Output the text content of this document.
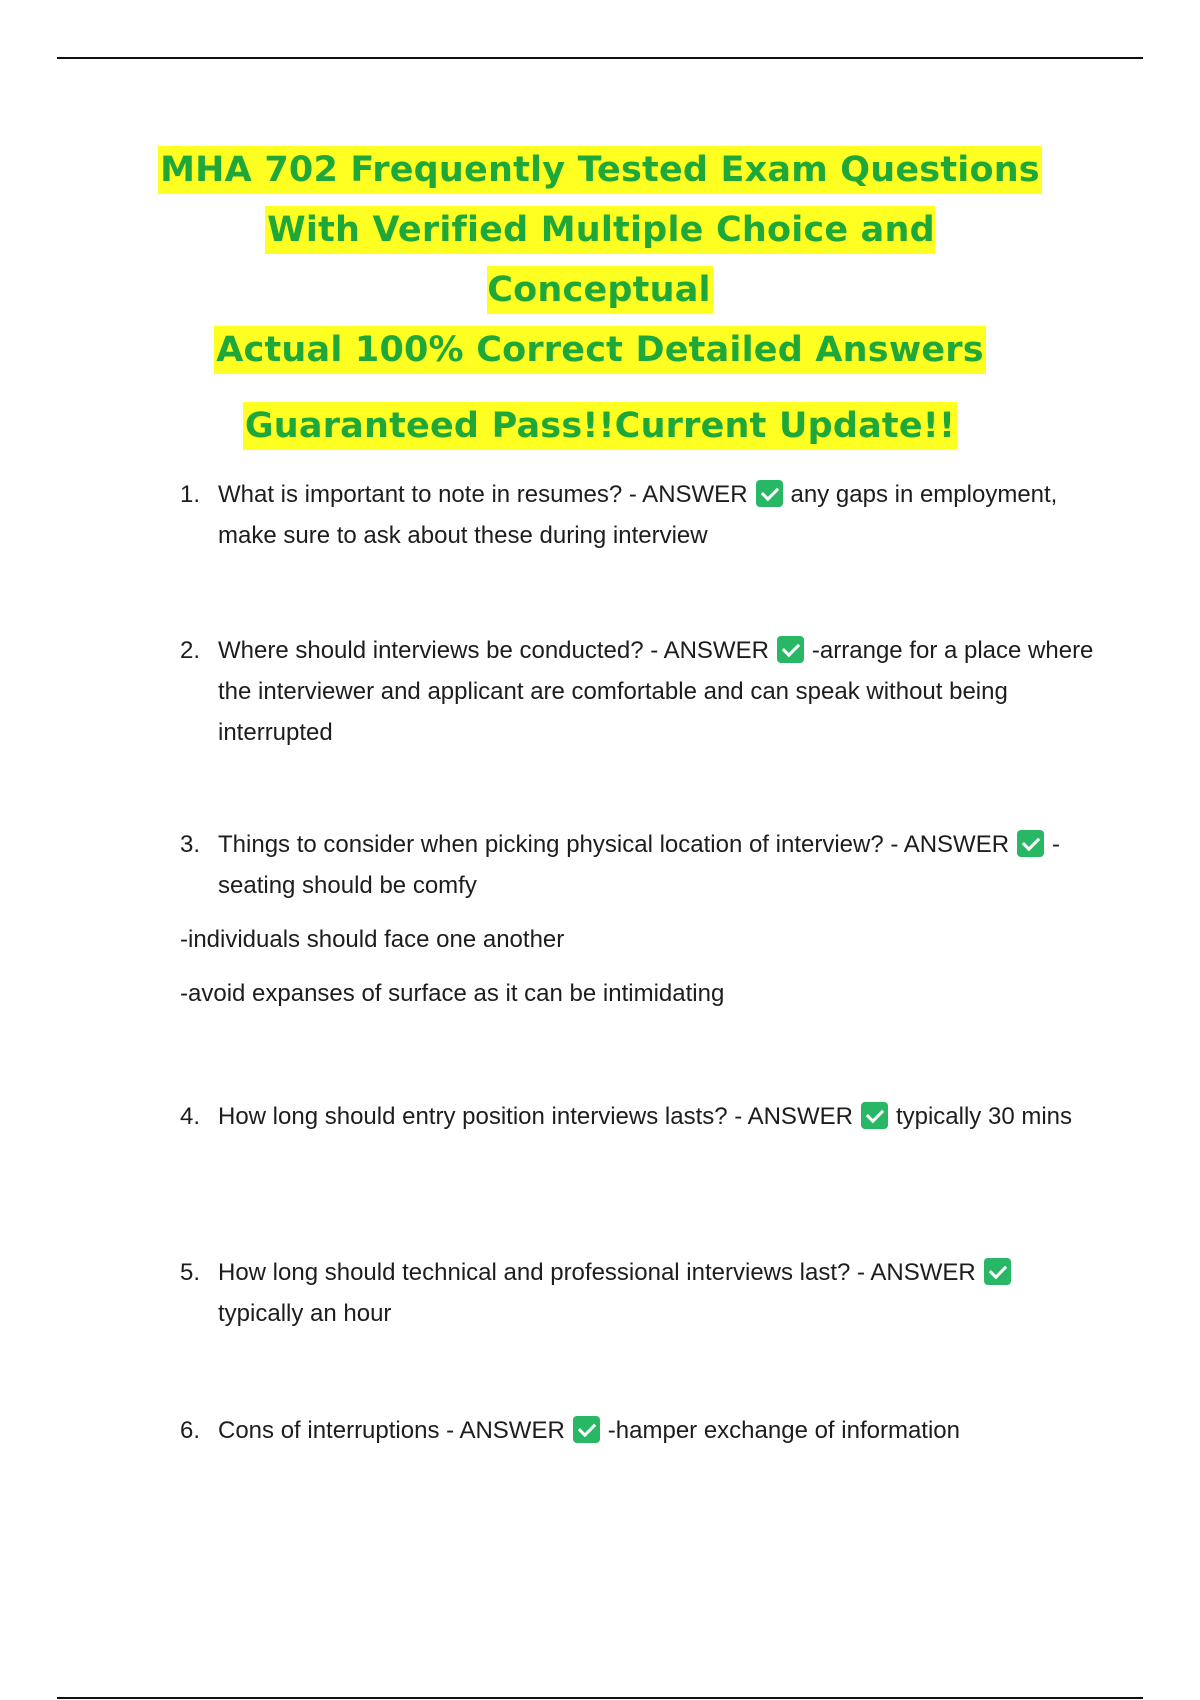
MHA 702 Frequently Tested Exam Questions
With Verified Multiple Choice and Conceptual
Actual 100% Correct Detailed Answers
Guaranteed Pass!!Current Update!!
1. What is important to note in resumes? - ANSWER any gaps in employment, make sure to ask about these during interview
2. Where should interviews be conducted? - ANSWER -arrange for a place where the interviewer and applicant are comfortable and can speak without being interrupted
3. Things to consider when picking physical location of interview? - ANSWER -seating should be comfy
-individuals should face one another
-avoid expanses of surface as it can be intimidating
4. How long should entry position interviews lasts? - ANSWER typically 30 mins
5. How long should technical and professional interviews last? - ANSWERtypically an hour
6. Cons of interruptions - ANSWER -hamper exchange of information
